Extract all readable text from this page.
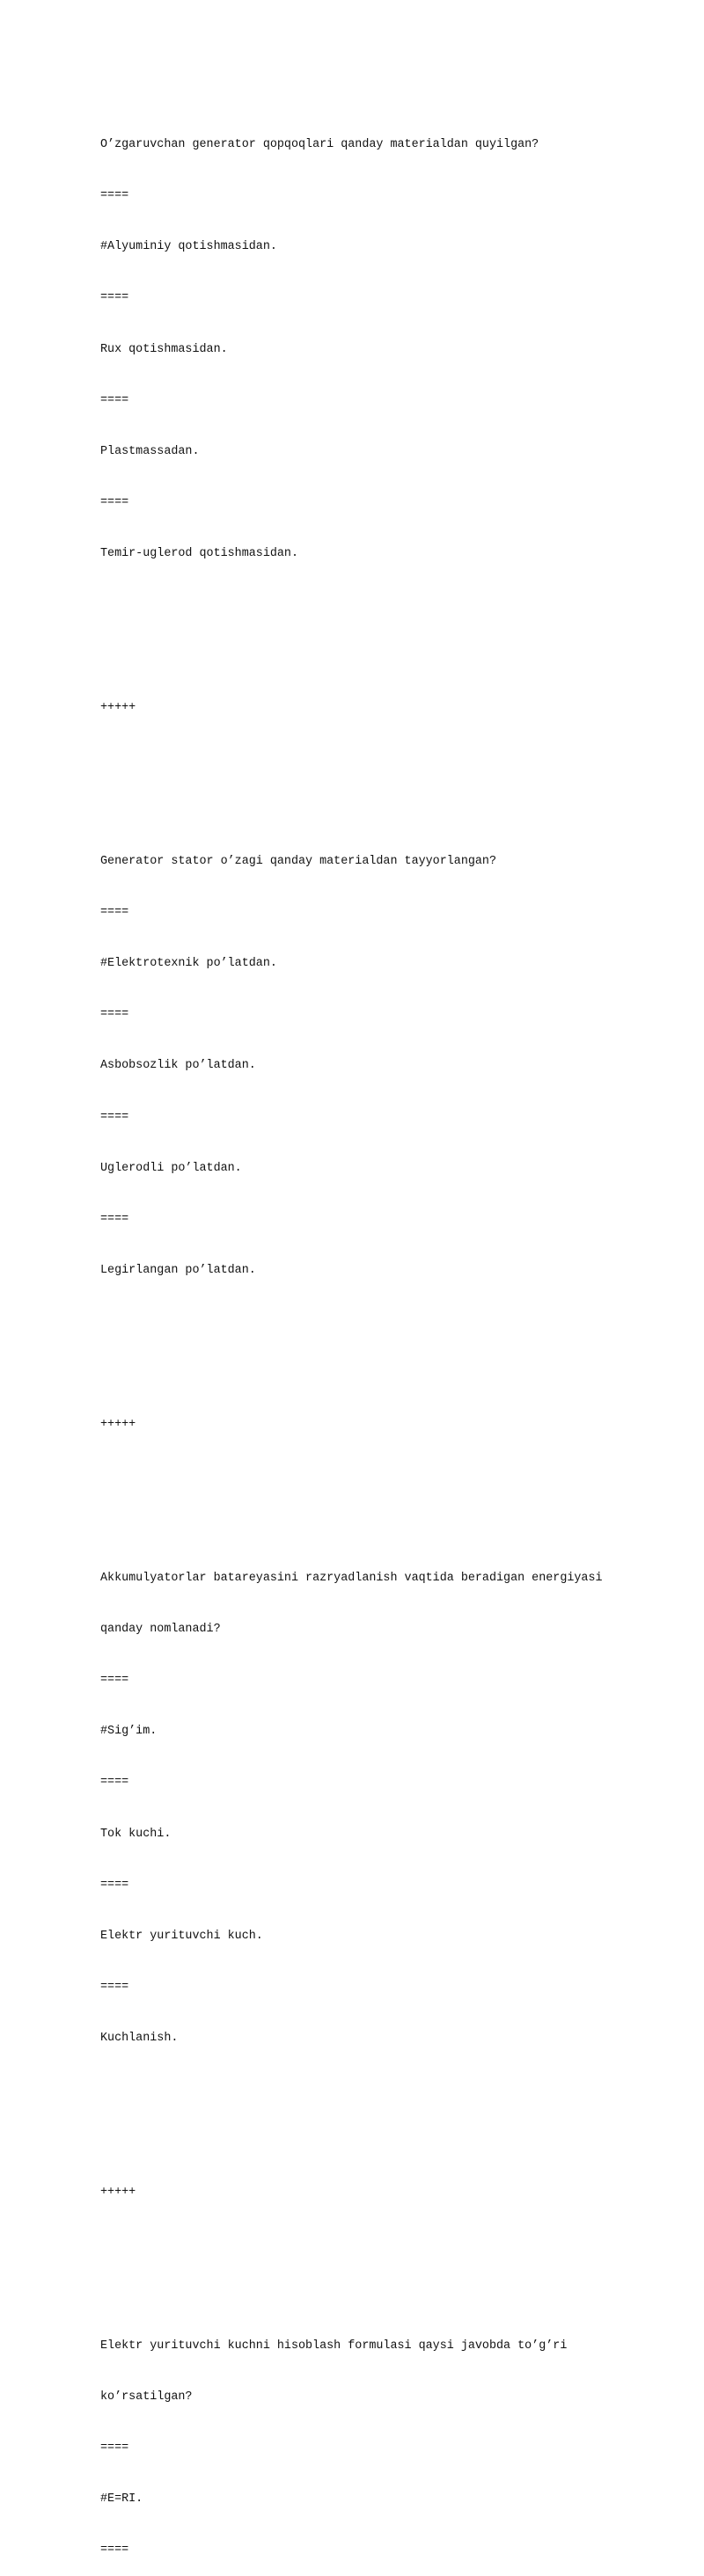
O’zgaruvchan generator qopqoqlari qanday materialdan quyilgan?

====

#Alyuminiy qotishmasidan.

====

Rux qotishmasidan.

====

Plastmassadan.

====

Temir-uglerod qotishmasidan.

+++++

Generator stator o’zagi qanday materialdan tayyorlangan?

====

#Elektrotexnik po’latdan.

====

Asbobsozlik po’latdan.

====

Uglerodli po’latdan.

====

Legirlangan po’latdan.

+++++

Akkumulyatorlar batareyasini razryadlanish vaqtida beradigan energiyasi

qanday nomlanadi?

====

#Sig’im.

====

Tok kuchi.

====

Elektr yurituvchi kuch.

====

Kuchlanish.

+++++

Elektr yurituvchi kuchni hisoblash formulasi qaysi javobda to’g’ri

ko’rsatilgan?

====

#E=RI.

====
